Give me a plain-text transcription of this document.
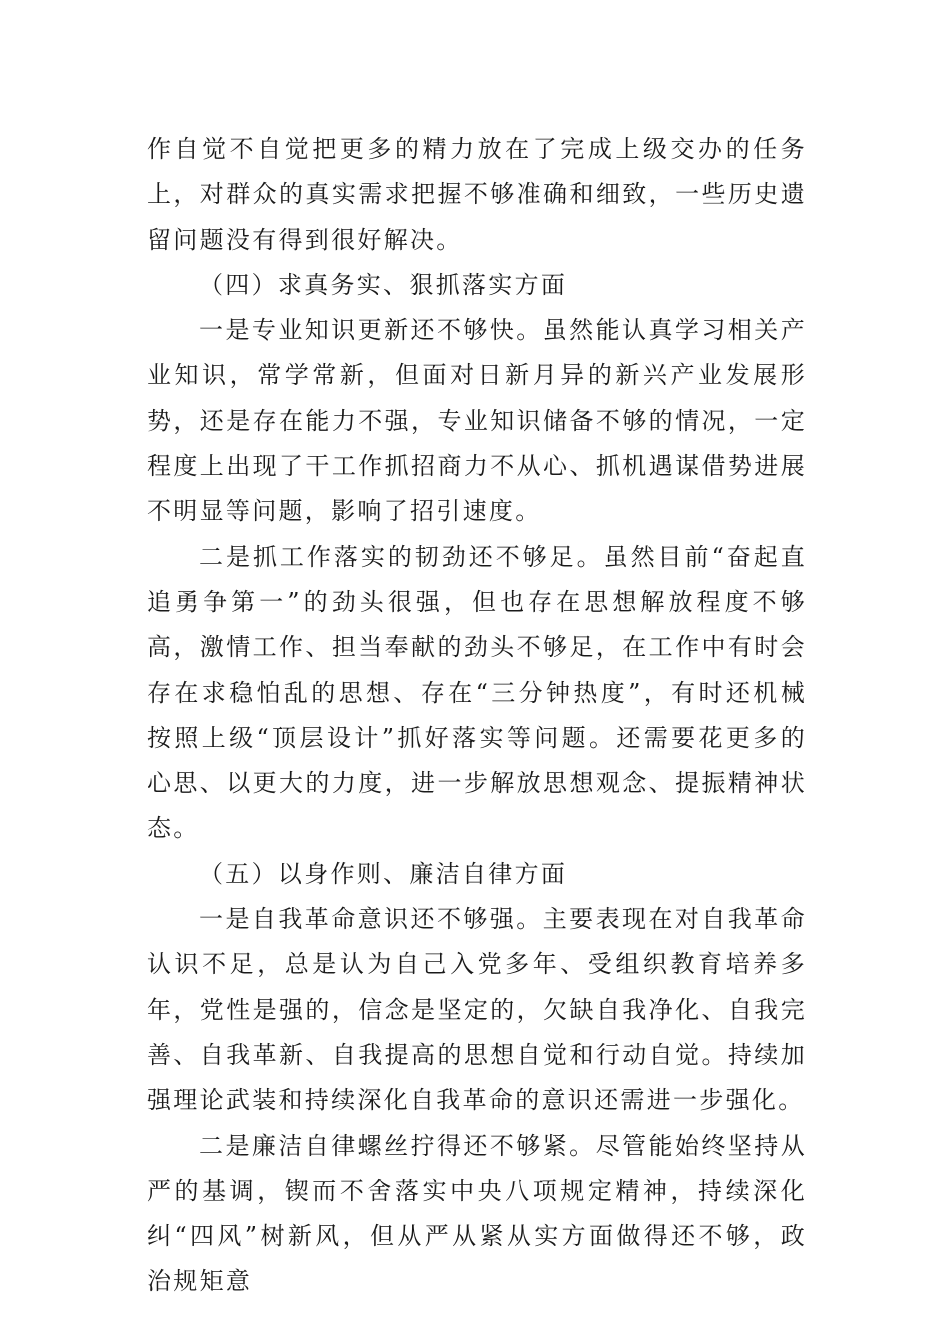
作自觉不自觉把更多的精力放在了完成上级交办的任务上，对群众的真实需求把握不够准确和细致，一些历史遗留问题没有得到很好解决。

（四）求真务实、狠抓落实方面

一是专业知识更新还不够快。虽然能认真学习相关产业知识，常学常新，但面对日新月异的新兴产业发展形势，还是存在能力不强，专业知识储备不够的情况，一定程度上出现了干工作抓招商力不从心、抓机遇谋借势进展不明显等问题，影响了招引速度。

二是抓工作落实的韧劲还不够足。虽然目前“奋起直追勇争第一”的劲头很强，但也存在思想解放程度不够高，激情工作、担当奉献的劲头不够足，在工作中有时会存在求稳怕乱的思想、存在“三分钟热度”，有时还机械按照上级“顶层设计”抓好落实等问题。还需要花更多的心思、以更大的力度，进一步解放思想观念、提振精神状态。

（五）以身作则、廉洁自律方面

一是自我革命意识还不够强。主要表现在对自我革命认识不足，总是认为自己入党多年、受组织教育培养多年，党性是强的，信念是坚定的，欠缺自我净化、自我完善、自我革新、自我提高的思想自觉和行动自觉。持续加强理论武装和持续深化自我革命的意识还需进一步强化。

二是廉洁自律螺丝拧得还不够紧。尽管能始终坚持从严的基调，锲而不舍落实中央八项规定精神，持续深化纠“四风”树新风，但从严从紧从实方面做得还不够，政治规矩意
